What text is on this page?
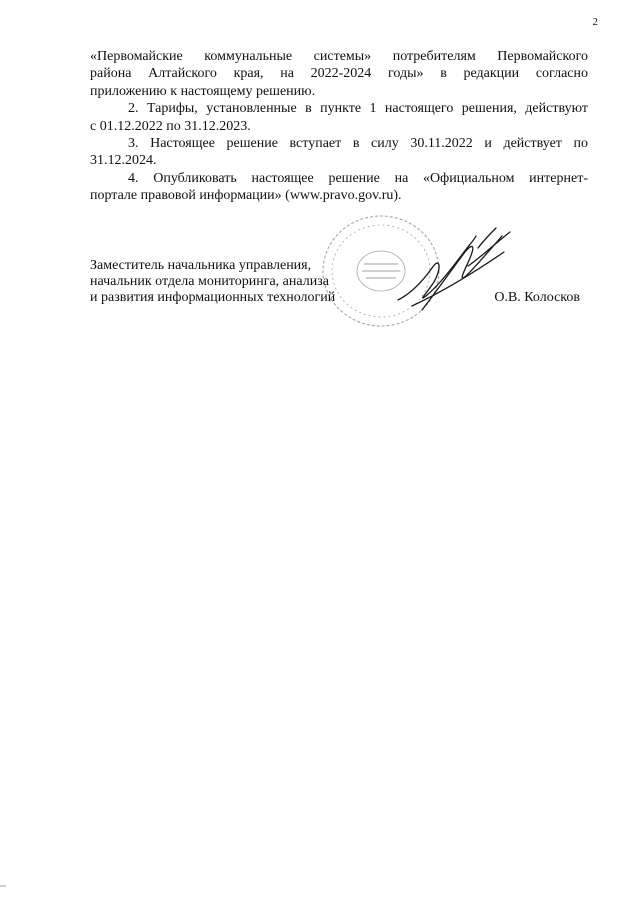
2

«Первомайские коммунальные системы» потребителям Первомайского
района Алтайского края, на 2022-2024 годы» в редакции согласно
приложению к настоящему решению.

2. Тарифы, установленные в пункте 1 настоящего решения, действуют
с 01.12.2022 по 31.12.2023.

3. Настоящее решение вступает в силу 30.11.2022 и действует по
31.12.2024.

4. Опубликовать настоящее решение на «Официальном интернет-
портале правовой информации» (www.pravo.gov.ru).

Заместитель начальника управления,
начальник отдела мониторинга, анализа
и развития информационных технологий	О.В. Колосков
